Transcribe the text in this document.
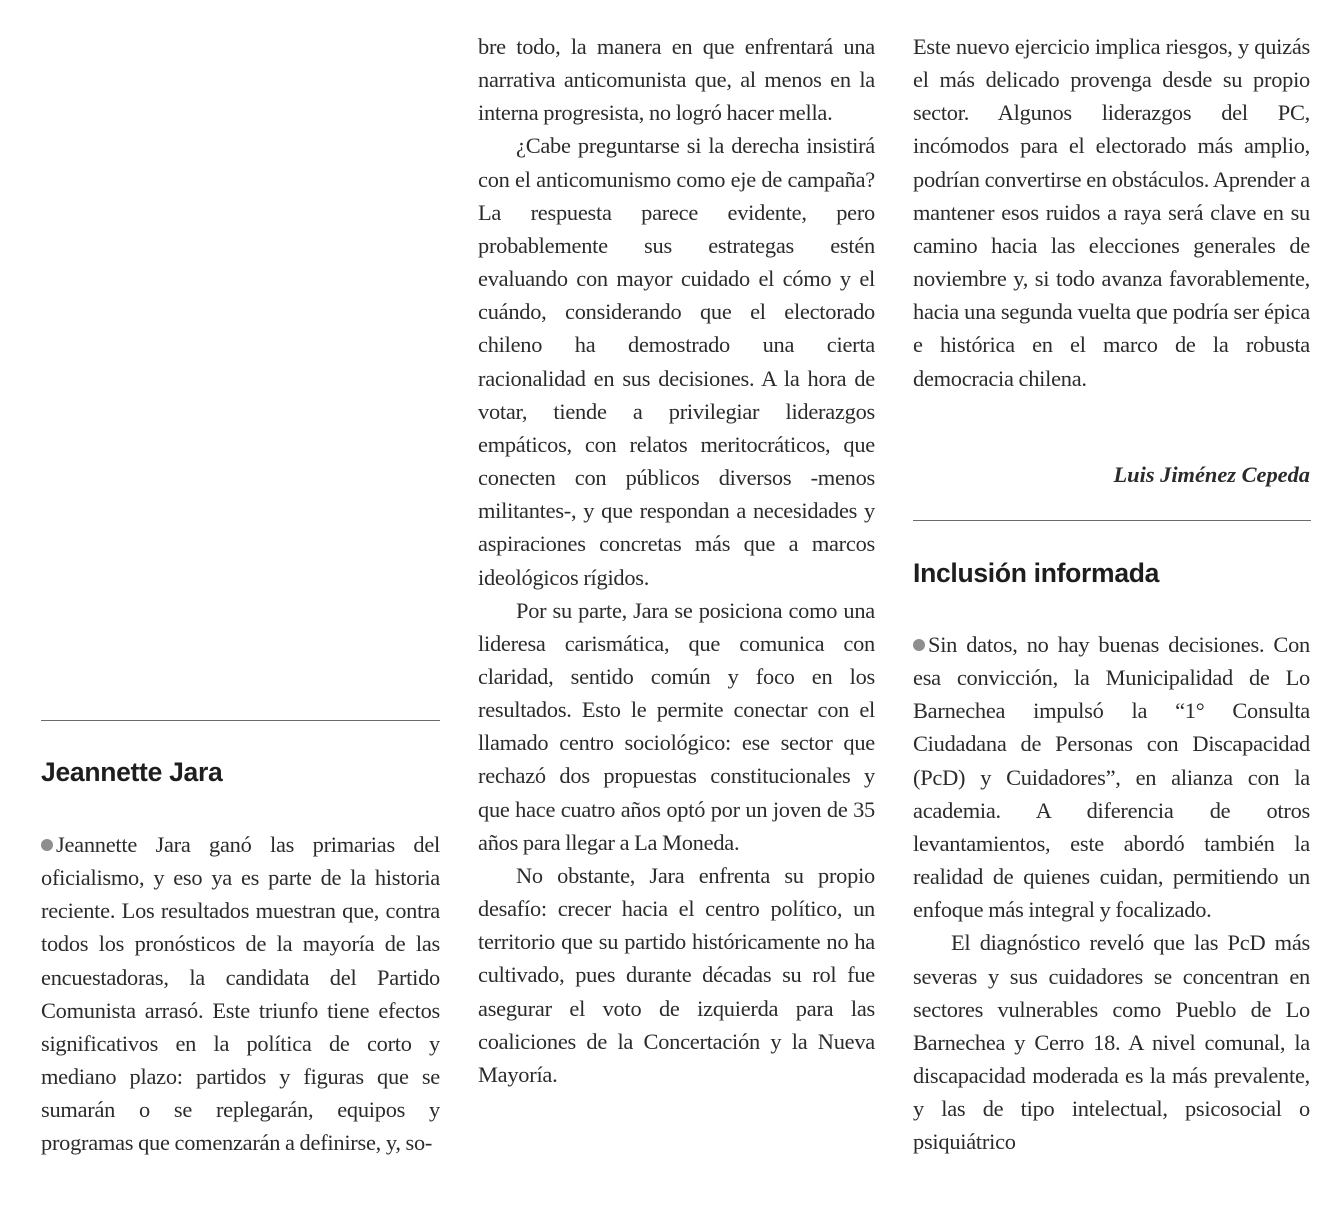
Jeannette Jara

Jeannette Jara ganó las primarias del oficialismo, y eso ya es parte de la historia reciente. Los resultados muestran que, contra todos los pronósticos de la mayoría de las encuestadoras, la candidata del Partido Comunista arrasó. Este triunfo tiene efectos significativos en la política de corto y mediano plazo: partidos y figuras que se sumarán o se replegarán, equipos y programas que comenzarán a definirse, y, so-

bre todo, la manera en que enfrentará una narrativa anticomunista que, al menos en la interna progresista, no logró hacer mella.

¿Cabe preguntarse si la derecha insistirá con el anticomunismo como eje de campaña? La respuesta parece evidente, pero probablemente sus estrategas estén evaluando con mayor cuidado el cómo y el cuándo, considerando que el electorado chileno ha demostrado una cierta racionalidad en sus decisiones. A la hora de votar, tiende a privilegiar liderazgos empáticos, con relatos meritocráticos, que conecten con públicos diversos -menos militantes-, y que respondan a necesidades y aspiraciones concretas más que a marcos ideológicos rígidos.

Por su parte, Jara se posiciona como una lideresa carismática, que comunica con claridad, sentido común y foco en los resultados. Esto le permite conectar con el llamado centro sociológico: ese sector que rechazó dos propuestas constitucionales y que hace cuatro años optó por un joven de 35 años para llegar a La Moneda.

No obstante, Jara enfrenta su propio desafío: crecer hacia el centro político, un territorio que su partido históricamente no ha cultivado, pues durante décadas su rol fue asegurar el voto de izquierda para las coaliciones de la Concertación y la Nueva Mayoría.

Este nuevo ejercicio implica riesgos, y quizás el más delicado provenga desde su propio sector. Algunos liderazgos del PC, incómodos para el electorado más amplio, podrían convertirse en obstáculos. Aprender a mantener esos ruidos a raya será clave en su camino hacia las elecciones generales de noviembre y, si todo avanza favorablemente, hacia una segunda vuelta que podría ser épica e histórica en el marco de la robusta democracia chilena.

Luis Jiménez Cepeda
Inclusión informada

Sin datos, no hay buenas decisiones. Con esa convicción, la Municipalidad de Lo Barnechea impulsó la “1° Consulta Ciudadana de Personas con Discapacidad (PcD) y Cuidadores”, en alianza con la academia. A diferencia de otros levantamientos, este abordó también la realidad de quienes cuidan, permitiendo un enfoque más integral y focalizado.

El diagnóstico reveló que las PcD más severas y sus cuidadores se concentran en sectores vulnerables como Pueblo de Lo Barnechea y Cerro 18. A nivel comunal, la discapacidad moderada es la más prevalente, y las de tipo intelectual, psicosocial o psiquiátrico
